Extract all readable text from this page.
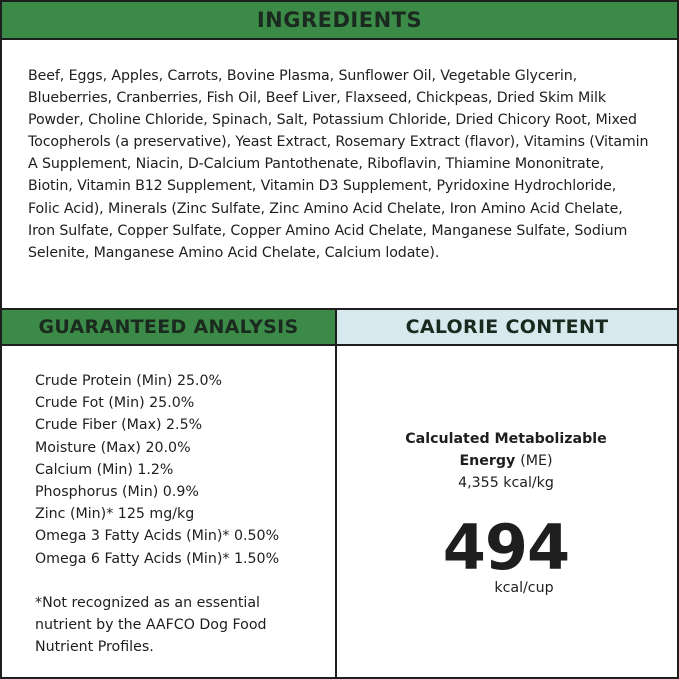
INGREDIENTS

Beef, Eggs, Apples, Carrots, Bovine Plasma, Sunflower Oil, Vegetable Glycerin, Blueberries, Cranberries, Fish Oil, Beef Liver, Flaxseed, Chickpeas, Dried Skim Milk Powder, Choline Chloride, Spinach, Salt, Potassium Chloride, Dried Chicory Root, Mixed Tocopherols (a preservative), Yeast Extract, Rosemary Extract (flavor), Vitamins (Vitamin A Supplement, Niacin, D-Calcium Pantothenate, Riboflavin, Thiamine Mononitrate, Biotin, Vitamin B12 Supplement, Vitamin D3 Supplement, Pyridoxine Hydrochloride, Folic Acid), Minerals (Zinc Sulfate, Zinc Amino Acid Chelate, Iron Amino Acid Chelate, Iron Sulfate, Copper Sulfate, Copper Amino Acid Chelate, Manganese Sulfate, Sodium Selenite, Manganese Amino Acid Chelate, Calcium lodate).

GUARANTEED ANALYSIS	CALORIE CONTENT
Crude Protein (Min) 25.0%
Crude Fot (Min) 25.0%
Crude Fiber (Max) 2.5%
Moisture (Max) 20.0%
Calcium (Min) 1.2%
Phosphorus (Min) 0.9%
Zinc (Min)* 125 mg/kg
Omega 3 Fatty Acids (Min)* 0.50%
Omega 6 Fatty Acids (Min)* 1.50%

*Not recognized as an essential nutrient by the AAFCO Dog Food Nutrient Profiles.

Calculated Metabolizable
Energy (ME)
4,355 kcal/kg
494
kcal/cup
